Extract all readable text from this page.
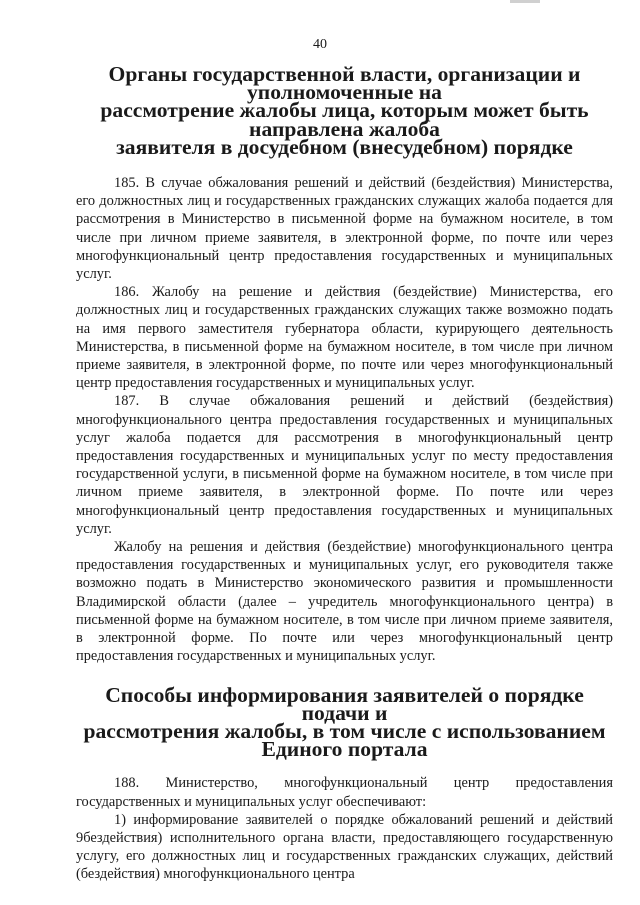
40
Органы государственной власти, организации и уполномоченные на
рассмотрение жалобы лица, которым может быть направлена жалоба
заявителя в досудебном (внесудебном) порядке

185. В случае обжалования решений и действий (бездействия) Министерства, его должностных лиц и государственных гражданских служащих жалоба подается для рассмотрения в Министерство в письменной форме на бумажном носителе, в том числе при личном приеме заявителя, в электронной форме, по почте или через многофункциональный центр предоставления государственных и муниципальных услуг.

186. Жалобу на решение и действия (бездействие) Министерства, его должностных лиц и государственных гражданских служащих также возможно подать на имя первого заместителя губернатора области, курирующего деятельность Министерства, в письменной форме на бумажном носителе, в том числе при личном приеме заявителя, в электронной форме, по почте или через многофункциональный центр предоставления государственных и муниципальных услуг.

187. В случае обжалования решений и действий (бездействия) многофункционального центра предоставления государственных и муниципальных услуг жалоба подается для рассмотрения в многофункциональный центр предоставления государственных и муниципальных услуг по месту предоставления государственной услуги, в письменной форме на бумажном носителе, в том числе при личном приеме заявителя, в электронной форме. По почте или через многофункциональный центр предоставления государственных и муниципальных услуг.

Жалобу на решения и действия (бездействие) многофункционального центра предоставления государственных и муниципальных услуг, его руководителя также возможно подать в Министерство экономического развития и промышленности Владимирской области (далее – учредитель многофункционального центра) в письменной форме на бумажном носителе, в том числе при личном приеме заявителя, в электронной форме. По почте или через многофункциональный центр предоставления государственных и муниципальных услуг.

Способы информирования заявителей о порядке подачи и
рассмотрения жалобы, в том числе с использованием Единого портала

188. Министерство, многофункциональный центр предоставления государственных и муниципальных услуг обеспечивают:

1) информирование заявителей о порядке обжалований решений и действий 9бездействия) исполнительного органа власти, предоставляющего государственную услугу, его должностных лиц и государственных гражданских служащих, действий (бездействия) многофункционального центра
